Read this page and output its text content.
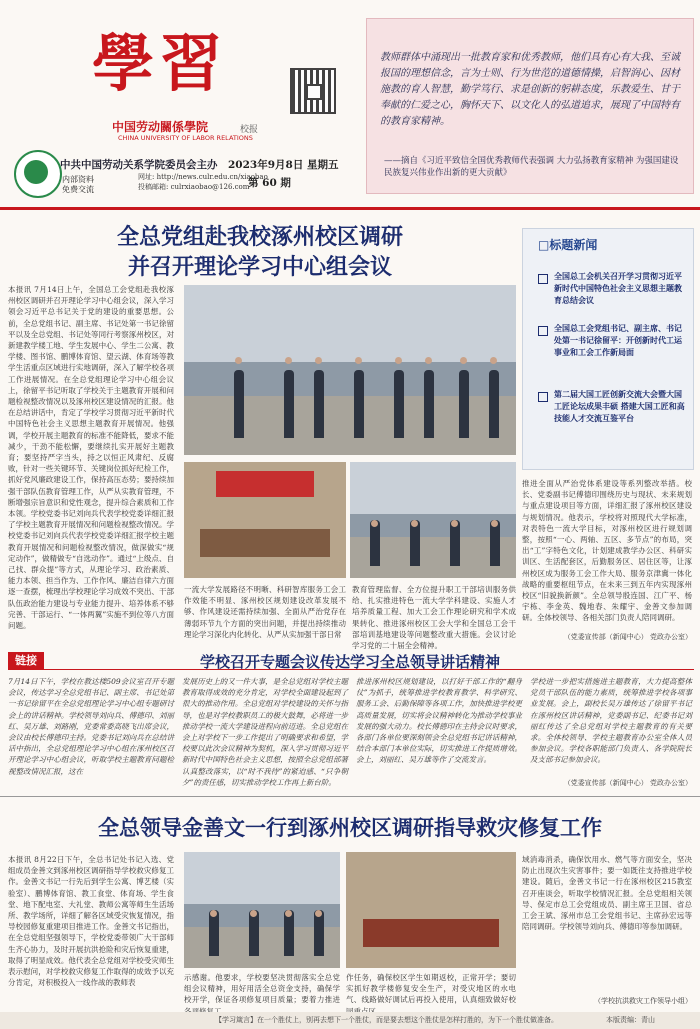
學習
中国劳动關係學院	校报
CHINA UNIVERSITY OF LABOR RELATIONS
中共中国劳动关系学院委员会主办 2023年9月8日 星期五
第 60 期
内部资料
免费交流
网址: http://news.culr.edu.cn/xiaobao
投稿邮箱: culrxiaobao@126.com
教师群体中涌现出一批教育家和优秀教师，他们具有心有大我、至诚报国的理想信念，言为士则、行为世范的道德情操，启智润心、因材施教的育人智慧，勤学笃行、求是创新的躬耕态度，乐教爱生、甘于奉献的仁爱之心，胸怀天下、以文化人的弘道追求，展现了中国特有的教育家精神。
——摘自《习近平致信全国优秀教师代表强调 大力弘扬教育家精神 为强国建设民族复兴伟业作出新的更大贡献》
全总党组赴我校涿州校区调研
并召开理论学习中心组会议
□标题新闻
全国总工会机关召开学习贯彻习近平新时代中国特色社会主义思想主题教育总结会议
全国总工会党组书记、副主席、书记处第一书记徐留平：开创新时代工运事业和工会工作新局面
第二届大国工匠创新交流大会暨大国工匠论坛成果丰硕 搭建大国工匠和高技能人才交流互鉴平台
本报讯 7月14日上午，全国总工会党组赴我校涿州校区调研并召开理论学习中心组会议，深入学习领会习近平总书记关于党的建设的重要思想。公前，全总党组书记、副主席、书记处第一书记徐留平以及全总党组、书记处等同行考察涿州校区，对新建教学楼工地、学生发展中心、学生二公寓、教学楼、图书馆、鹏博体育馆、望云湖、体育场等教学生活重点区域进行实地调研，深入了解学校各项工作进展情况。在全总党组理论学习中心组会议上，徐留平书记听取了学校关于主题教育开展和问题检视整改情况以及涿州校区建设情况的汇报。他在总结讲话中，肯定了学校学习贯彻习近平新时代中国特色社会主义思想主题教育开展情况。他强调，学校开展主题教育的标准不能降低，要求不能减少，干劲不能松懈，要继续扎实开展好主题教育；要坚持严字当头，持之以恒正风肃纪、反腐败，针对一些关键环节、关键岗位抓好纪检工作，抓好党风廉政建设工作，保持高压态势；要持续加强干部队伍教育管理工作，从严从实教育管理，不断增强宗旨意识和党性观念，提升综合素质和工作本领。学校党委书记刘向兵代表学校党委详细汇报了学校主题教育开展情况和问题检视整改情况。学校党委书记刘向兵代表学校党委详细汇报学校主题教育开展情况和问题检视整改情况，做深做实“规定动作”，做精做专“自选动作”。通过“上级点、自己找、群众提”等方式，从理论学习、政治素质、能力本领、担当作为、工作作风、廉洁自律六方面逐一查摆，梳理出学校理论学习成效不突出、干部队伍政治能力建设与专业能力提升、培养体系不够完善、干部运行、“一体两翼”实施不到位等八方面问题。
一流大学发展路径不明晰、科研智库服务工会工作效能不明显、涿州校区规划建设改革发展不够、作风建设还需持续加强、全面从严治党存在薄弱环节九个方面的突出问题，并提出持续推动理论学习深化内化转化、从严从实加强干部日常
教育管理监督、全方位提升职工干部培训服务供给、扎实推进特色一流大学学科建设、实施人才培养质量工程、加大工会工作理论研究和学术成果转化、推进涿州校区工会大学和全国总工会干部培训基地建设等问题整改重大措施。会议讨论学习党的二十届全会精神。
推进全面从严治党体系建设等系列整改举措。校长、党委副书记傅德印围绕历史与现状、未来规划与重点建设项目等方面，详细汇报了涿州校区建设与规划情况。他表示，学校将对照现代大学标准，对表特色一流大学目标，对涿州校区进行规划调整，按照“一心、两轴、五区、多节点”的布局，突出“工”字特色文化，计划建成教学办公区、科研实训区、生活配套区，后勤服务区、居住区等，让涿州校区成为服务工会工作大局、服务京津冀一体化战略的重要枢纽节点，在未来三到五年内实现涿州校区“旧貌换新颜”。全总领导殷连国、江广平、杨宇栋、李金英、魏地春、朱耀宇、金善文参加调研。全体校领导、各相关部门负责人陪同调研。
（党委宣传部（新闻中心） 党政办公室）
链接	学校召开专题会议传达学习全总领导讲话精神
7月14日下午，学校在教达楼509会议室召开专题会议，传达学习全总党组书记、副主席、书记处第一书记徐留平在全总党组理论学习中心组专题研讨会上的讲话精神。学校领导刘向兵、傅德印、刘丽红、吴万雄、刘路刚，党委常委高晓飞出席会议，会议由校长傅德印主持。党委书记刘向兵在总结讲话中指出，全总党组理论学习中心组在涿州校区召开理论学习中心组会议，听取学校主题教育问题检视整改情况汇报，这在
发展历史上的又一件大事，是全总党组对学校主题教育取得成效的充分肯定，对学校全面建设起到了很大的推动作用。全总党组对学校建设的关怀与指导，也是对学校教职员工的极大鼓舞，必将进一步推动学校一流大学建设进程向前迈进。全总党组在会上对学校下一步工作提出了明确要求和希望，学校要以此次会议精神为契机，深入学习贯彻习近平新时代中国特色社会主义思想，按照全总党组部署认真整改落实，以“时不我待”的紧迫感、“只争朝夕”的责任感，切实推动学校工作再上新台阶。
推进涿州校区规划建设，以打好干部工作的“翻身仗”为抓手，统筹推进学校教育教学、科学研究、服务工会、后勤保障等各项工作，加快推进学校更高质量发展，切实将会议精神转化为推动学校事业发展的强大动力。校长傅德印在主持会议时要求，各部门各单位要深刻领会全总党组书记讲话精神，结合本部门本单位实际，切实推进工作提质增效。会上，刘丽红、吴万雄等作了交流发言。
学校进一步把实措施进主题教育，大力提高整体党员干部队伍的能力素质，统筹推进学校各项事业发展。会上，副校长吴万雄传达了徐留平书记在涿州校区讲话精神，党委副书记、纪委书记刘丽红传达了全总党组对学校主题教育的有关要求。全体校领导、学校主题教育办公室全体人员参加会议。学校各职能部门负责人、各学院院长及支部书记参加会议。
（党委宣传部（新闻中心） 党政办公室）
全总领导金善文一行到涿州校区调研指导救灾修复工作
本报讯 8月22日下午，全总书记处书记入选、党组成员金善文到涿州校区调研指导学校救灾修复工作。金善文书记一行先后到学生公寓、博艺楼（实验室）、鹏博体育馆、教工食堂、体育场、学生食堂、地下配电室、大礼堂、教师公寓等师生生活场所、教学场所，详细了解各区域受灾恢复情况，指导校园修复重建项目推进工作。金善文书记指出，在全总党组坚强领导下，学校党委带领广大干部师生齐心协力，及时开展抗洪抢险和灾后恢复重建，取得了明显成效。他代表全总党组对学校受灾师生表示慰问，对学校救灾修复工作取得的成效予以充分肯定，对积极投入一线作战的教师表
示感谢。他要求，学校要坚决贯彻落实全总党组会议精神，用好用活全总资金支持，确保学校开学，保证各项修复项目质量；要着力推进
作任务，确保校区学生如期返校，正常开学；要切实抓好教学楼修复安全生产，对受灾地区的水电气、线路做好调试后再投入使用，认真细致做好校
域消毒消杀，确保饮用水、燃气等方面安全，坚决防止出现次生灾害事件；要一如既往支持推进学校建设。随后，金善文书记一行在涿州校区215教室召开座谈会，听取学校情况汇报。全总党组相关领导、保定市总工会党组成员、副主席王卫国、省总工会王斌、涿州市总工会党组书记、主席孙宏远等陪同调研。学校领导刘向兵、傅德印等参加调研。
（学校抗洪救灾工作领导小组）
【学习箴言】在一个胜仗上，别再去想下一个胜仗，而是要去想这个胜仗是怎样打胜的，为下一个胜仗做准备。	本版责编：青山
